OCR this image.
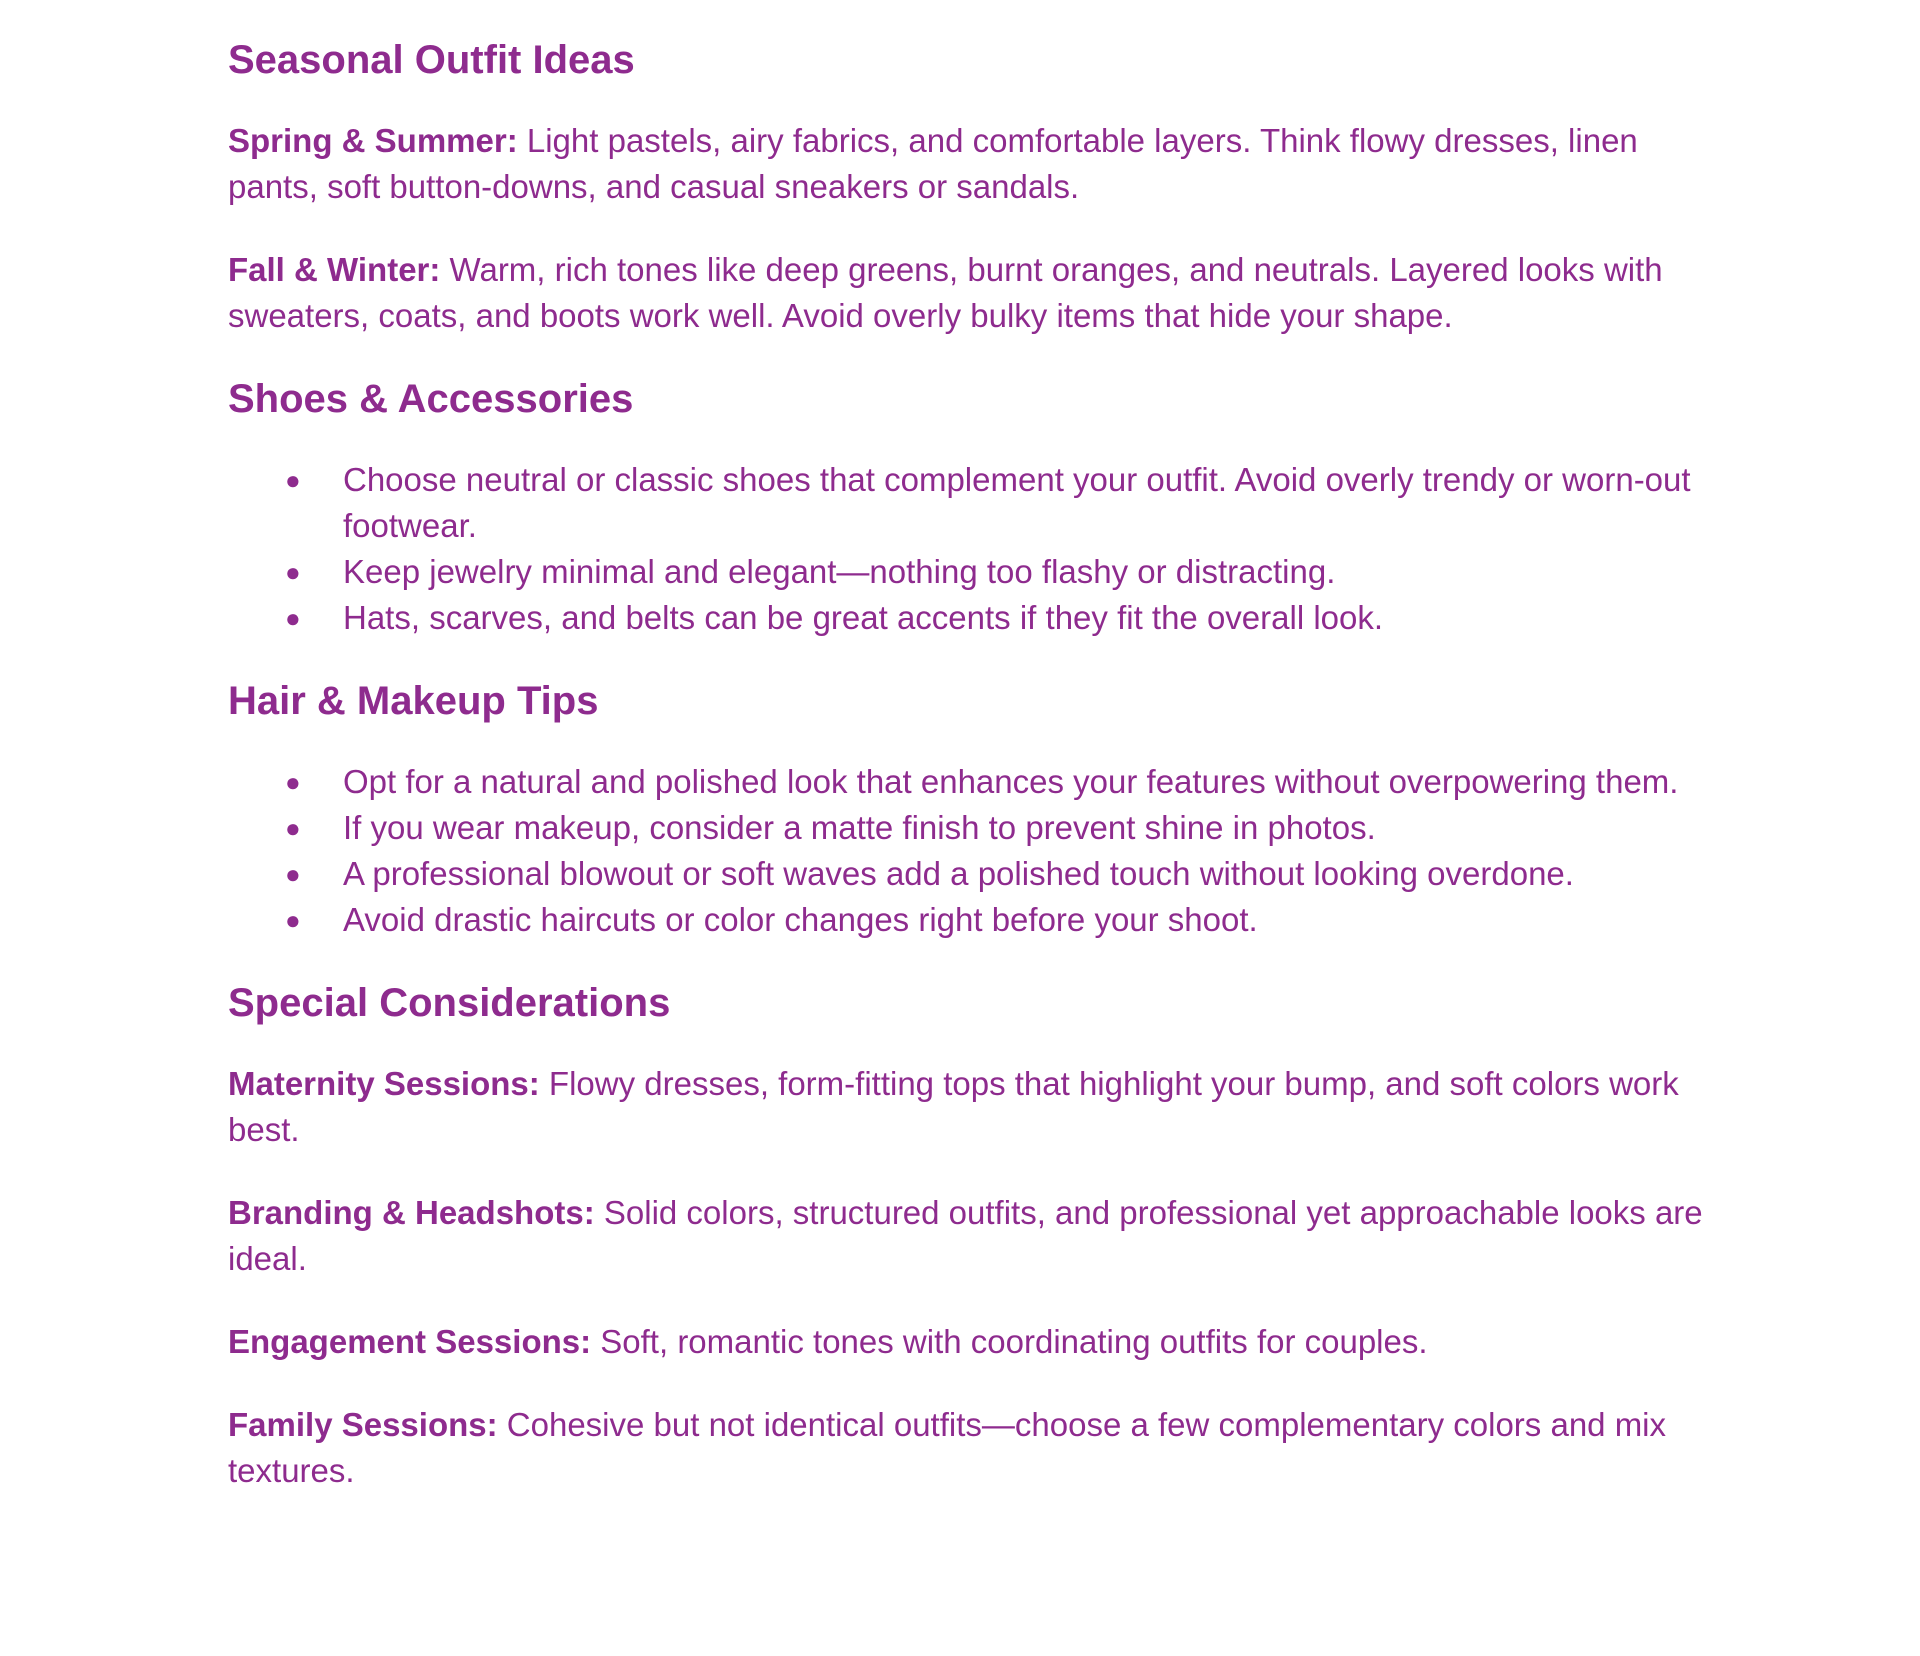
Seasonal Outfit Ideas

Spring & Summer: Light pastels, airy fabrics, and comfortable layers. Think flowy dresses, linen pants, soft button-downs, and casual sneakers or sandals.

Fall & Winter: Warm, rich tones like deep greens, burnt oranges, and neutrals. Layered looks with sweaters, coats, and boots work well. Avoid overly bulky items that hide your shape.

Shoes & Accessories
● Choose neutral or classic shoes that complement your outfit. Avoid overly trendy or worn-out footwear.
● Keep jewelry minimal and elegant—nothing too flashy or distracting.
● Hats, scarves, and belts can be great accents if they fit the overall look.
Hair & Makeup Tips
● Opt for a natural and polished look that enhances your features without overpowering them.
● If you wear makeup, consider a matte finish to prevent shine in photos.
● A professional blowout or soft waves add a polished touch without looking overdone.
● Avoid drastic haircuts or color changes right before your shoot.
Special Considerations

Maternity Sessions: Flowy dresses, form-fitting tops that highlight your bump, and soft colors work best.

Branding & Headshots: Solid colors, structured outfits, and professional yet approachable looks are ideal.

Engagement Sessions: Soft, romantic tones with coordinating outfits for couples.

Family Sessions: Cohesive but not identical outfits—choose a few complementary colors and mix textures.
